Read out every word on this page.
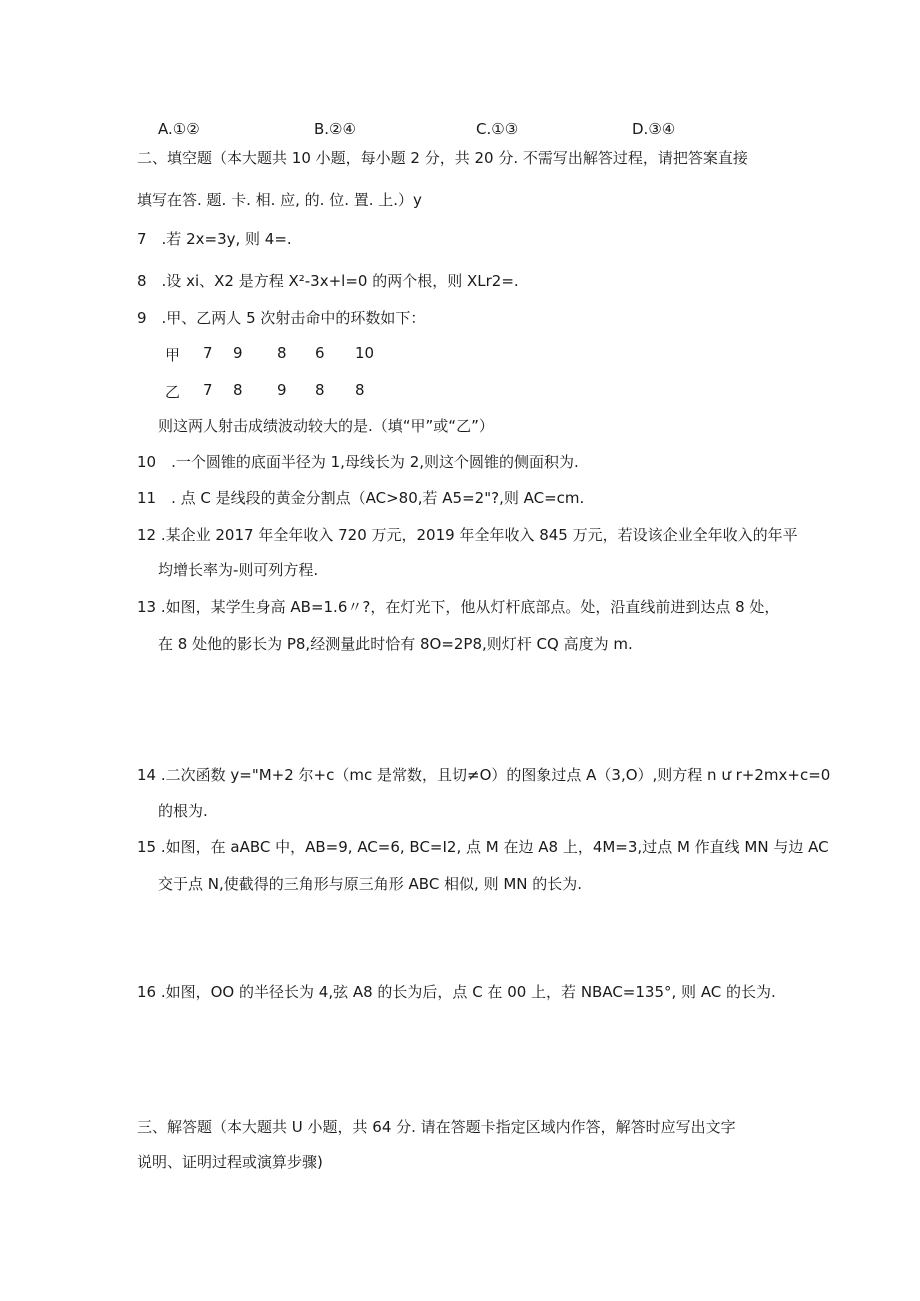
A.①②	B.②④	C.①③	D.③④
二、填空题（本大题共 10 小题，每小题 2 分，共 20 分. 不需写出解答过程，请把答案直接
填写在答. 题. 卡. 相. 应, 的. 位. 置. 上.）y
7　.若 2x=3y, 则 4=.
8　.设 xi、X2 是方程 X²-3x+l=0 的两个根，则 XLr2=.
9　.甲、乙两人 5 次射击命中的环数如下：
甲 7 9 8 6 10
乙 7 8 9 8 8
则这两人射击成绩波动较大的是.（填“甲”或“乙”）
10　.一个圆锥的底面半径为 1,母线长为 2,则这个圆锥的侧面积为.
11　. 点 C 是线段的黄金分割点（AC>80,若 A5=2"?,则 AC=cm.
12 .某企业 2017 年全年收入 720 万元，2019 年全年收入 845 万元，若设该企业全年收入的年平
均增长率为-则可列方程.
13 .如图，某学生身高 AB=1.6〃?，在灯光下，他从灯杆底部点。处，沿直线前进到达点 8 处，
在 8 处他的影长为 P8,经测量此时恰有 8O=2P8,则灯杆 CQ 高度为 m.
14 .二次函数 y="M+2 尔+c（mc 是常数，且切≠O）的图象过点 A（3,O）,则方程 n ư r+2mx+c=0
的根为.
15 .如图，在 aABC 中，AB=9, AC=6, BC=I2, 点 M 在边 A8 上，4M=3,过点 M 作直线 MN 与边 AC
交于点 N,使截得的三角形与原三角形 ABC 相似, 则 MN 的长为.
16 .如图，OO 的半径长为 4,弦 A8 的长为后，点 C 在 00 上，若 NBAC=135°, 则 AC 的长为.
三、解答题（本大题共 U 小题，共 64 分. 请在答题卡指定区域内作答，解答时应写出文字
说明、证明过程或演算步骤)
